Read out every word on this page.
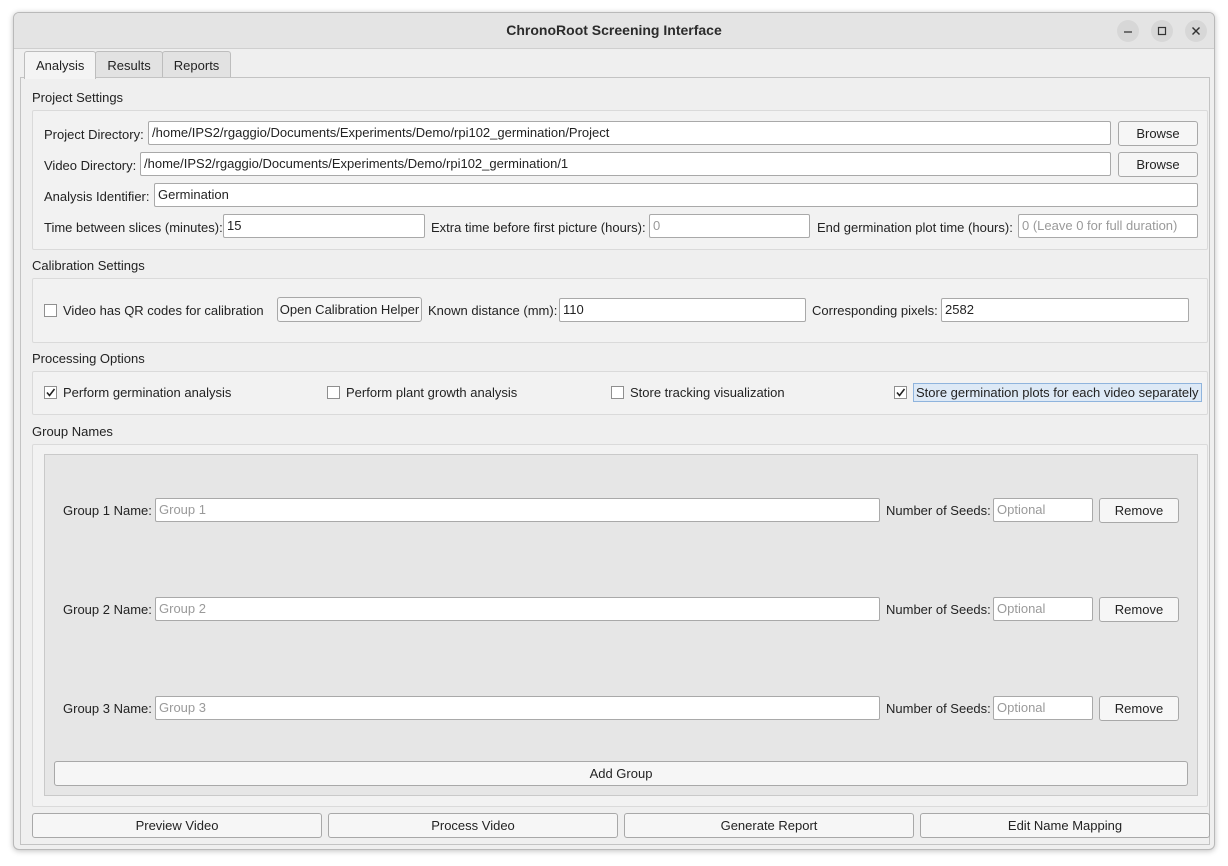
ChronoRoot Screening Interface
Analysis	Results	Reports
Project Settings
Project Directory: /home/IPS2/rgaggio/Documents/Experiments/Demo/rpi102_germination/Project	Browse
Video Directory: /home/IPS2/rgaggio/Documents/Experiments/Demo/rpi102_germination/1	Browse
Analysis Identifier: Germination
Time between slices (minutes): 15	Extra time before first picture (hours): 0	End germination plot time (hours): 0 (Leave 0 for full duration)
Calibration Settings
Video has QR codes for calibration Open Calibration Helper Known distance (mm): 110	Corresponding pixels: 2582
Processing Options
Perform germination analysis	Perform plant growth analysis	Store tracking visualization	Store germination plots for each video separately
Group Names
Group 1 Name: Group 1	Number of Seeds: Optional	Remove
Group 2 Name: Group 2	Number of Seeds: Optional	Remove
Group 3 Name: Group 3	Number of Seeds: Optional	Remove
Add Group
Preview Video	Process Video	Generate Report	Edit Name Mapping
